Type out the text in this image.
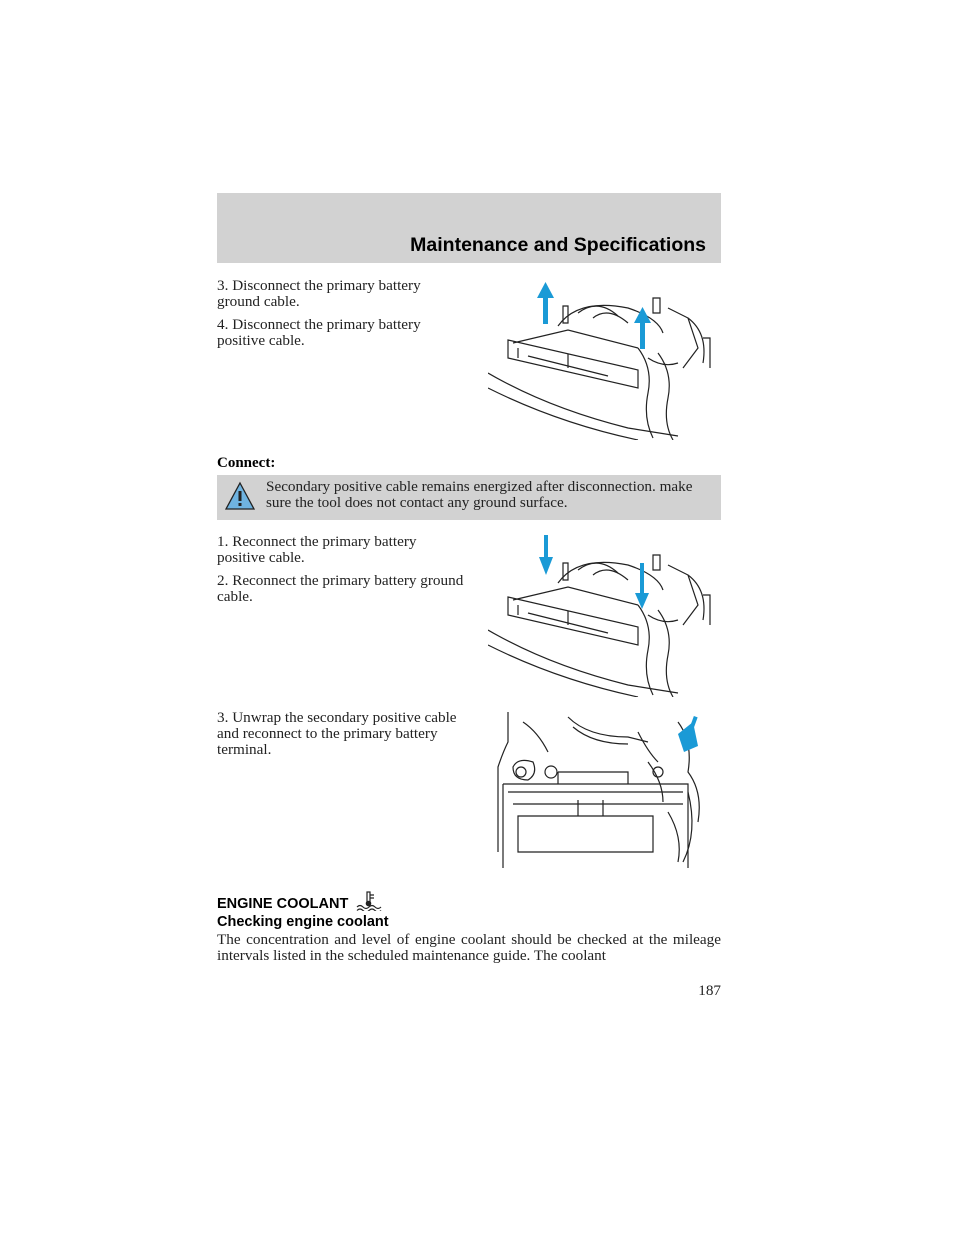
Maintenance and Specifications

3. Disconnect the primary battery ground cable.

4. Disconnect the primary battery positive cable.

Connect:

Secondary positive cable remains energized after disconnection. make sure the tool does not contact any ground surface.

1. Reconnect the primary battery positive cable.

2. Reconnect the primary battery ground cable.

3. Unwrap the secondary positive cable and reconnect to the primary battery terminal.

ENGINE COOLANT
Checking engine coolant

The concentration and level of engine coolant should be checked at the mileage intervals listed in the scheduled maintenance guide. The coolant

187
